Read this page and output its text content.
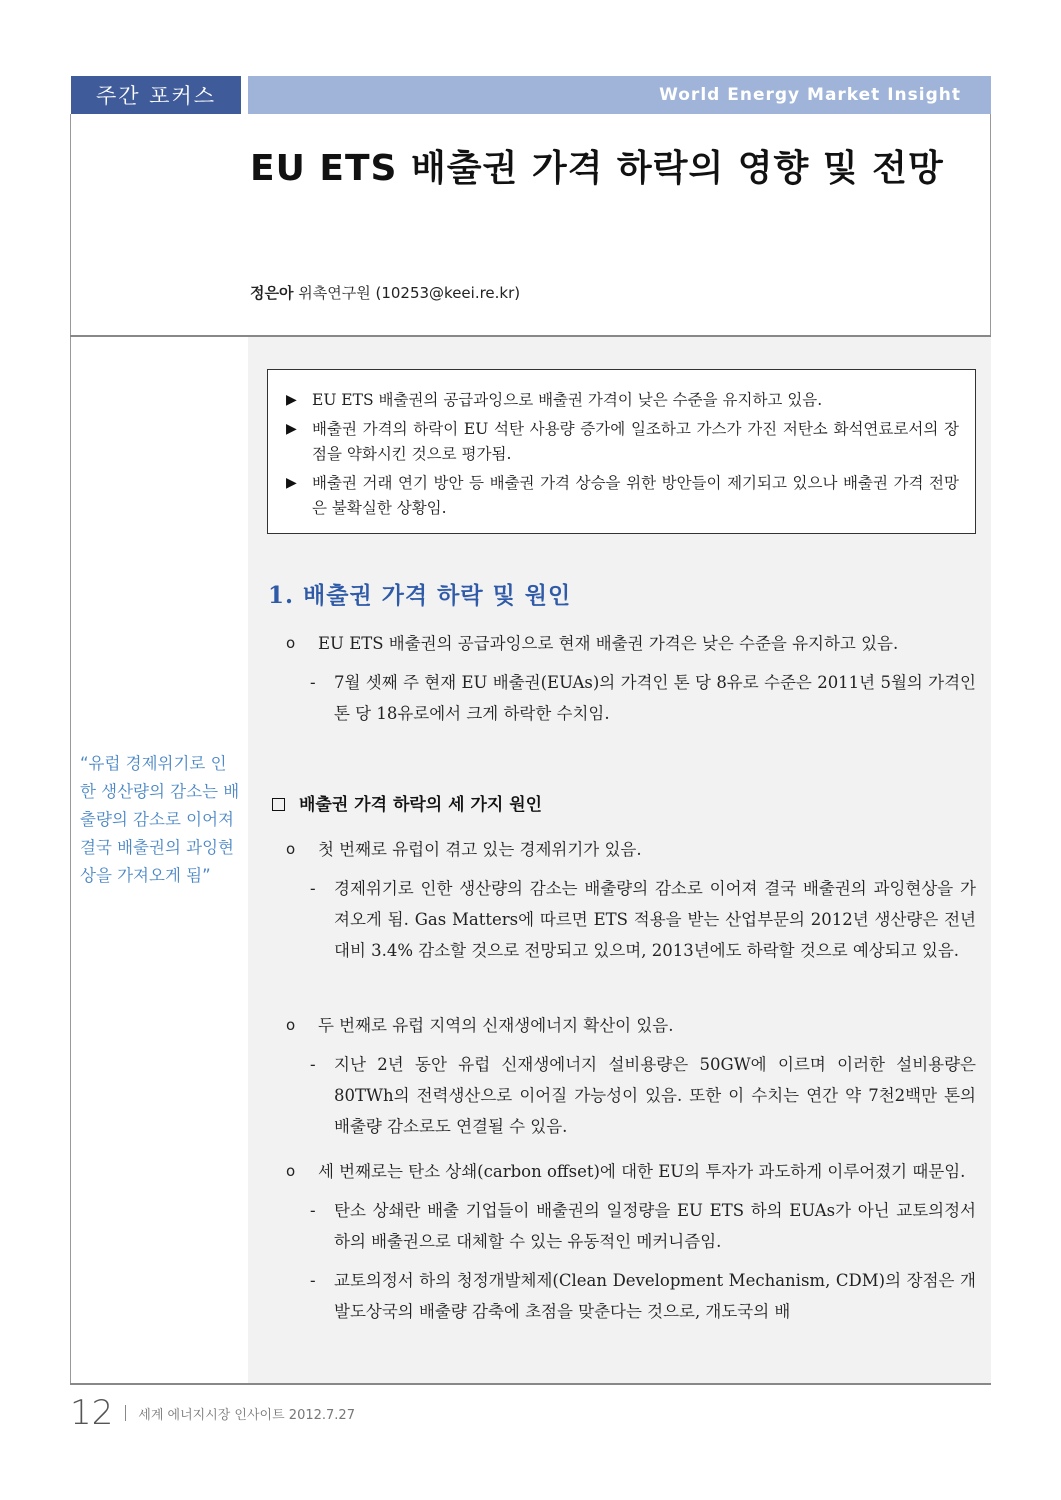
주간 포커스	World Energy Market Insight
EU ETS 배출권 가격 하락의 영향 및 전망
정은아 위촉연구원 (10253@keei.re.kr)
▶ EU ETS 배출권의 공급과잉으로 배출권 가격이 낮은 수준을 유지하고 있음.
▶ 배출권 가격의 하락이 EU 석탄 사용량 증가에 일조하고 가스가 가진 저탄소 화석연료로서의 장점을 약화시킨 것으로 평가됨.
▶ 배출권 거래 연기 방안 등 배출권 가격 상승을 위한 방안들이 제기되고 있으나 배출권 가격 전망은 불확실한 상황임.
1. 배출권 가격 하락 및 원인
o	EU ETS 배출권의 공급과잉으로 현재 배출권 가격은 낮은 수준을 유지하고 있음.
-	7월 셋째 주 현재 EU 배출권(EUAs)의 가격인 톤 당 8유로 수준은 2011년 5월의 가격인 톤 당 18유로에서 크게 하락한 수치임.
배출권 가격 하락의 세 가지 원인
o	첫 번째로 유럽이 겪고 있는 경제위기가 있음.
-	경제위기로 인한 생산량의 감소는 배출량의 감소로 이어져 결국 배출권의 과잉현상을 가져오게 됨. Gas Matters에 따르면 ETS 적용을 받는 산업부문의 2012년 생산량은 전년대비 3.4% 감소할 것으로 전망되고 있으며, 2013년에도 하락할 것으로 예상되고 있음.
o	두 번째로 유럽 지역의 신재생에너지 확산이 있음.
-	지난 2년 동안 유럽 신재생에너지 설비용량은 50GW에 이르며 이러한 설비용량은 80TWh의 전력생산으로 이어질 가능성이 있음. 또한 이 수치는 연간 약 7천2백만 톤의 배출량 감소로도 연결될 수 있음.
o	세 번째로는 탄소 상쇄(carbon offset)에 대한 EU의 투자가 과도하게 이루어졌기 때문임.
-	탄소 상쇄란 배출 기업들이 배출권의 일정량을 EU ETS 하의 EUAs가 아닌 교토의정서 하의 배출권으로 대체할 수 있는 유동적인 메커니즘임.
-	교토의정서 하의 청정개발체제(Clean Development Mechanism, CDM)의 장점은 개발도상국의 배출량 감축에 초점을 맞춘다는 것으로, 개도국의 배
“유럽 경제위기로 인한 생산량의 감소는 배출량의 감소로 이어져 결국 배출권의 과잉현상을 가져오게 됨”
12 세계 에너지시장 인사이트 2012.7.27
